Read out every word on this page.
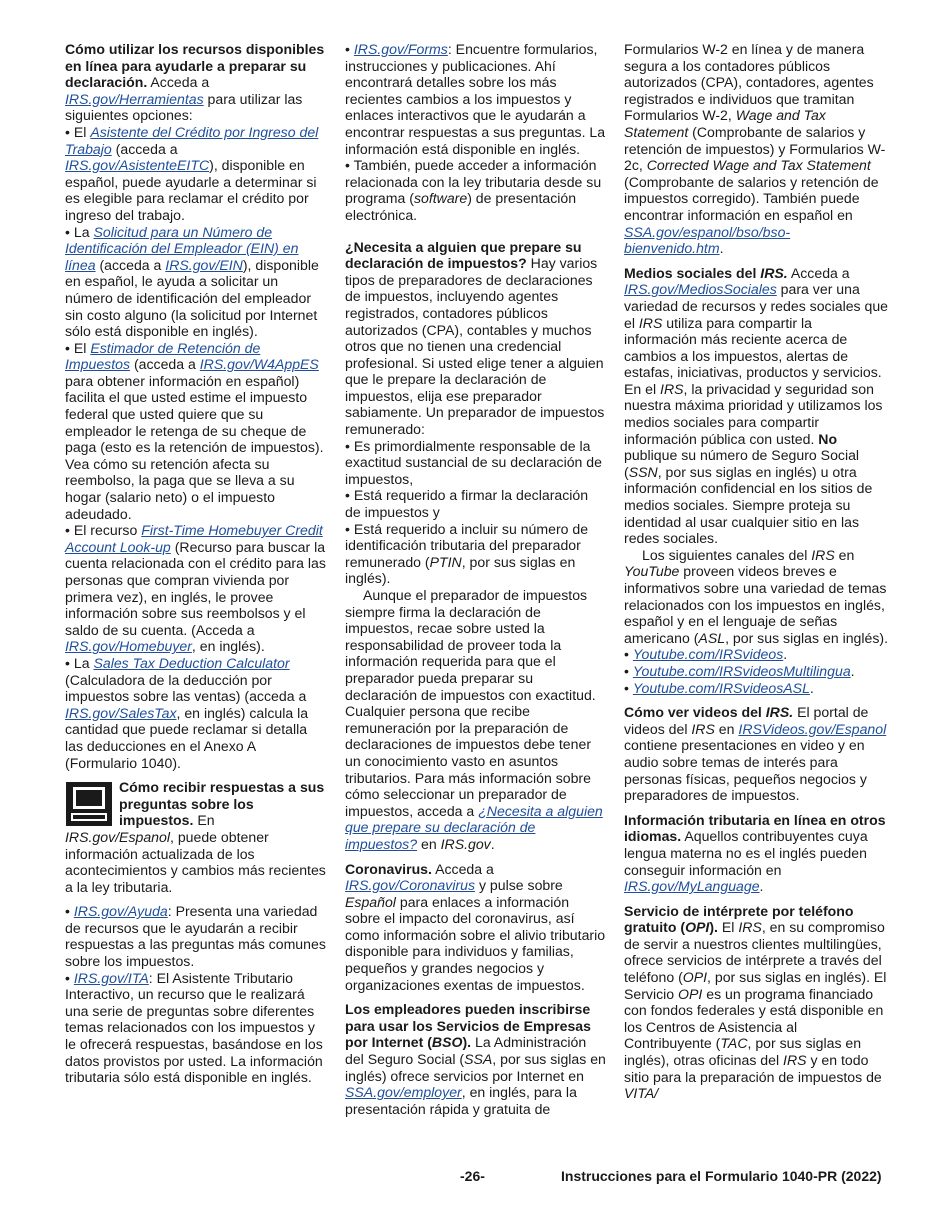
Cómo utilizar los recursos disponibles en línea para ayudarle a preparar su declaración. Acceda a IRS.gov/Herramientas para utilizar las siguientes opciones:

• El Asistente del Crédito por Ingreso del Trabajo (acceda a IRS.gov/AsistenteEITC), disponible en español, puede ayudarle a determinar si es elegible para reclamar el crédito por ingreso del trabajo.

• La Solicitud para un Número de Identificación del Empleador (EIN) en línea (acceda a IRS.gov/EIN), disponible en español, le ayuda a solicitar un número de identificación del empleador sin costo alguno (la solicitud por Internet sólo está disponible en inglés).

• El Estimador de Retención de Impuestos (acceda a IRS.gov/W4AppES para obtener información en español) facilita el que usted estime el impuesto federal que usted quiere que su empleador le retenga de su cheque de paga (esto es la retención de impuestos). Vea cómo su retención afecta su reembolso, la paga que se lleva a su hogar (salario neto) o el impuesto adeudado.

• El recurso First-Time Homebuyer Credit Account Look-up (Recurso para buscar la cuenta relacionada con el crédito para las personas que compran vivienda por primera vez), en inglés, le provee información sobre sus reembolsos y el saldo de su cuenta. (Acceda a IRS.gov/Homebuyer, en inglés).

• La Sales Tax Deduction Calculator (Calculadora de la deducción por impuestos sobre las ventas) (acceda a IRS.gov/SalesTax, en inglés) calcula la cantidad que puede reclamar si detalla las deducciones en el Anexo A (Formulario 1040).

Cómo recibir respuestas a sus preguntas sobre los impuestos. En IRS.gov/Espanol, puede obtener información actualizada de los acontecimientos y cambios más recientes a la ley tributaria.

• IRS.gov/Ayuda: Presenta una variedad de recursos que le ayudarán a recibir respuestas a las preguntas más comunes sobre los impuestos.

• IRS.gov/ITA: El Asistente Tributario Interactivo, un recurso que le realizará una serie de preguntas sobre diferentes temas relacionados con los impuestos y le ofrecerá respuestas, basándose en los datos provistos por usted. La información tributaria sólo está disponible en inglés.

• IRS.gov/Forms: Encuentre formularios, instrucciones y publicaciones. Ahí encontrará detalles sobre los más recientes cambios a los impuestos y enlaces interactivos que le ayudarán a encontrar respuestas a sus preguntas. La información está disponible en inglés.

• También, puede acceder a información relacionada con la ley tributaria desde su programa (software) de presentación electrónica.

¿Necesita a alguien que prepare su declaración de impuestos? Hay varios tipos de preparadores de declaraciones de impuestos, incluyendo agentes registrados, contadores públicos autorizados (CPA), contables y muchos otros que no tienen una credencial profesional. Si usted elige tener a alguien que le prepare la declaración de impuestos, elija ese preparador sabiamente. Un preparador de impuestos remunerado:

• Es primordialmente responsable de la exactitud sustancial de su declaración de impuestos,

• Está requerido a firmar la declaración de impuestos y

• Está requerido a incluir su número de identificación tributaria del preparador remunerado (PTIN, por sus siglas en inglés).

Aunque el preparador de impuestos siempre firma la declaración de impuestos, recae sobre usted la responsabilidad de proveer toda la información requerida para que el preparador pueda preparar su declaración de impuestos con exactitud. Cualquier persona que recibe remuneración por la preparación de declaraciones de impuestos debe tener un conocimiento vasto en asuntos tributarios. Para más información sobre cómo seleccionar un preparador de impuestos, acceda a ¿Necesita a alguien que prepare su declaración de impuestos? en IRS.gov.

Coronavirus. Acceda a IRS.gov/Coronavirus y pulse sobre Español para enlaces a información sobre el impacto del coronavirus, así como información sobre el alivio tributario disponible para individuos y familias, pequeños y grandes negocios y organizaciones exentas de impuestos.

Los empleadores pueden inscribirse para usar los Servicios de Empresas por Internet (BSO). La Administración del Seguro Social (SSA, por sus siglas en inglés) ofrece servicios por Internet en SSA.gov/employer, en inglés, para la presentación rápida y gratuita de

Formularios W-2 en línea y de manera segura a los contadores públicos autorizados (CPA), contadores, agentes registrados e individuos que tramitan Formularios W-2, Wage and Tax Statement (Comprobante de salarios y retención de impuestos) y Formularios W-2c, Corrected Wage and Tax Statement (Comprobante de salarios y retención de impuestos corregido). También puede encontrar información en español en SSA.gov/espanol/bso/bso-bienvenido.htm.

Medios sociales del IRS. Acceda a IRS.gov/MediosSociales para ver una variedad de recursos y redes sociales que el IRS utiliza para compartir la información más reciente acerca de cambios a los impuestos, alertas de estafas, iniciativas, productos y servicios. En el IRS, la privacidad y seguridad son nuestra máxima prioridad y utilizamos los medios sociales para compartir información pública con usted. No publique su número de Seguro Social (SSN, por sus siglas en inglés) u otra información confidencial en los sitios de medios sociales. Siempre proteja su identidad al usar cualquier sitio en las redes sociales.

Los siguientes canales del IRS en YouTube proveen videos breves e informativos sobre una variedad de temas relacionados con los impuestos en inglés, español y en el lenguaje de señas americano (ASL, por sus siglas en inglés).

• Youtube.com/IRSvideos.

• Youtube.com/IRSvideosMultilingua.

• Youtube.com/IRSvideosASL.

Cómo ver videos del IRS. El portal de videos del IRS en IRSVideos.gov/Espanol contiene presentaciones en video y en audio sobre temas de interés para personas físicas, pequeños negocios y preparadores de impuestos.

Información tributaria en línea en otros idiomas. Aquellos contribuyentes cuya lengua materna no es el inglés pueden conseguir información en IRS.gov/MyLanguage.

Servicio de intérprete por teléfono gratuito (OPI). El IRS, en su compromiso de servir a nuestros clientes multilingües, ofrece servicios de intérprete a través del teléfono (OPI, por sus siglas en inglés). El Servicio OPI es un programa financiado con fondos federales y está disponible en los Centros de Asistencia al Contribuyente (TAC, por sus siglas en inglés), otras oficinas del IRS y en todo sitio para la preparación de impuestos de VITA/

-26-	Instrucciones para el Formulario 1040-PR (2022)
